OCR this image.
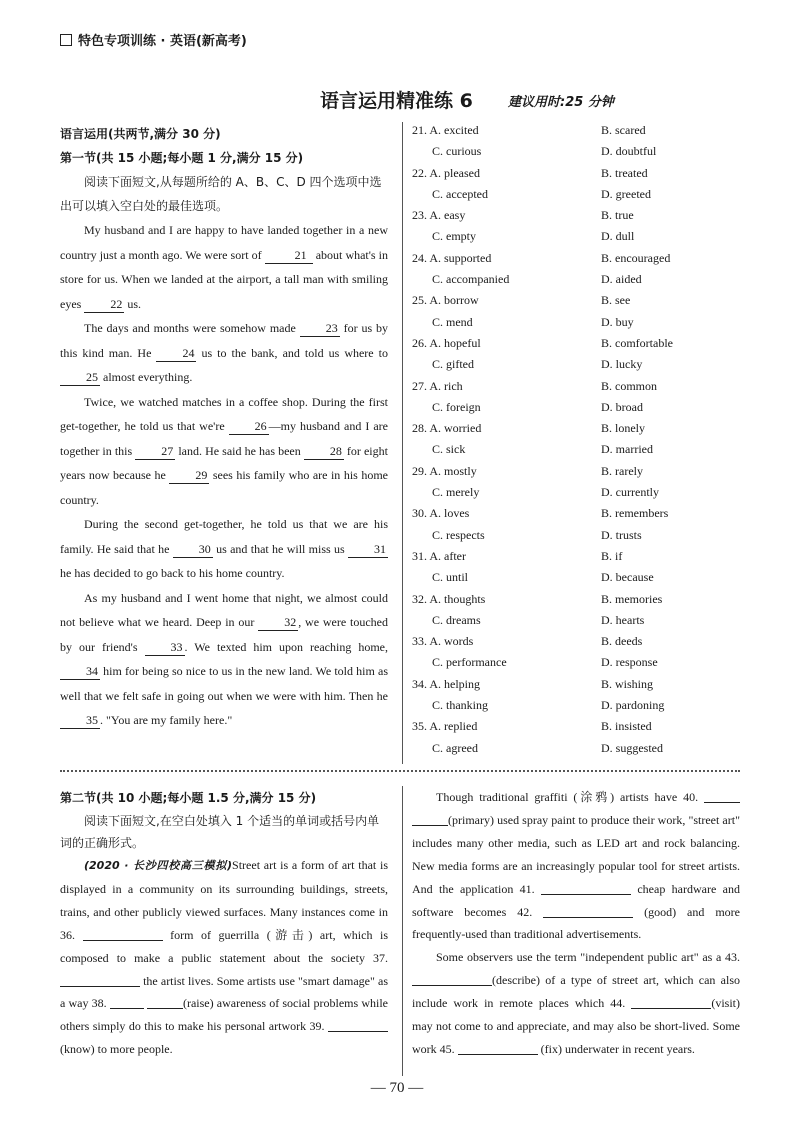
特色专项训练 · 英语(新高考)
语言运用精准练 6	建议用时:25 分钟
语言运用(共两节,满分 30 分)
第一节(共 15 小题;每小题 1 分,满分 15 分)

阅读下面短文,从每题所给的 A、B、C、D 四个选项中选出可以填入空白处的最佳选项。

My husband and I are happy to have landed together in a new country just a month ago. We were sort of	21 about what's in store for us. When we landed at the airport, a tall man with smiling eyes 22 us.

The days and months were somehow made 23 for us by this kind man. He 24 us to the bank, and told us where to 25 almost everything.

Twice, we watched matches in a coffee shop. During the first get-together, he told us that we're 26 —my husband and I are together in this 27 land. He said he has been 28 for eight years now because he 29 sees his family who are in his home country.

During the second get-together, he told us that we are his family. He said that he 30 us and that he will miss us 31 he has decided to go back to his home country.

As my husband and I went home that night, we almost could not believe what we heard. Deep in our 32 , we were touched by our friend's 33 . We texted him upon reaching home, 34 him for being so nice to us in the new land. We told him as well that we felt safe in going out when we were with him. Then he 35 . "You are my family here."

21. A. excited	B. scared
C. curious	D. doubtful
22. A. pleased	B. treated
C. accepted	D. greeted
23. A. easy	B. true
C. empty	D. dull
24. A. supported	B. encouraged
C. accompanied	D. aided
25. A. borrow	B. see
C. mend	D. buy
26. A. hopeful	B. comfortable
C. gifted	D. lucky
27. A. rich	B. common
C. foreign	D. broad
28. A. worried	B. lonely
C. sick	D. married
29. A. mostly	B. rarely
C. merely	D. currently
30. A. loves	B. remembers
C. respects	D. trusts
31. A. after	B. if
C. until	D. because
32. A. thoughts	B. memories
C. dreams	D. hearts
33. A. words	B. deeds
C. performance	D. response
34. A. helping	B. wishing
C. thanking	D. pardoning
35. A. replied	B. insisted
C. agreed	D. suggested
第二节(共 10 小题;每小题 1.5 分,满分 15 分)

阅读下面短文,在空白处填入 1 个适当的单词或括号内单词的正确形式。

(2020 · 长沙四校高三模拟)Street art is a form of art that is displayed in a community on its surrounding buildings, streets, trains, and other publicly viewed surfaces. Many instances come in 36.	form of guerrilla (游击) art, which is composed to make a public statement about the society 37.  the artist lives. Some artists use "smart damage" as a way 38.	(raise) awareness of social problems while others simply do this to make his personal artwork 39.  (know) to more people.

Though traditional graffiti (涂鸦) artists have 40.  (primary) used spray paint to produce their work, "street art" includes many other media, such as LED art and rock balancing. New media forms are an increasingly popular tool for street artists. And the application 41.	cheap hardware and software becomes 42.	(good) and more frequently-used than traditional advertisements.

Some observers use the term "independent public art" as a 43. (describe) of a type of street art, which can also include work in remote places which 44.	(visit) may not come to and appreciate, and may also be short-lived. Some work 45.	(fix) underwater in recent years.

— 70 —
